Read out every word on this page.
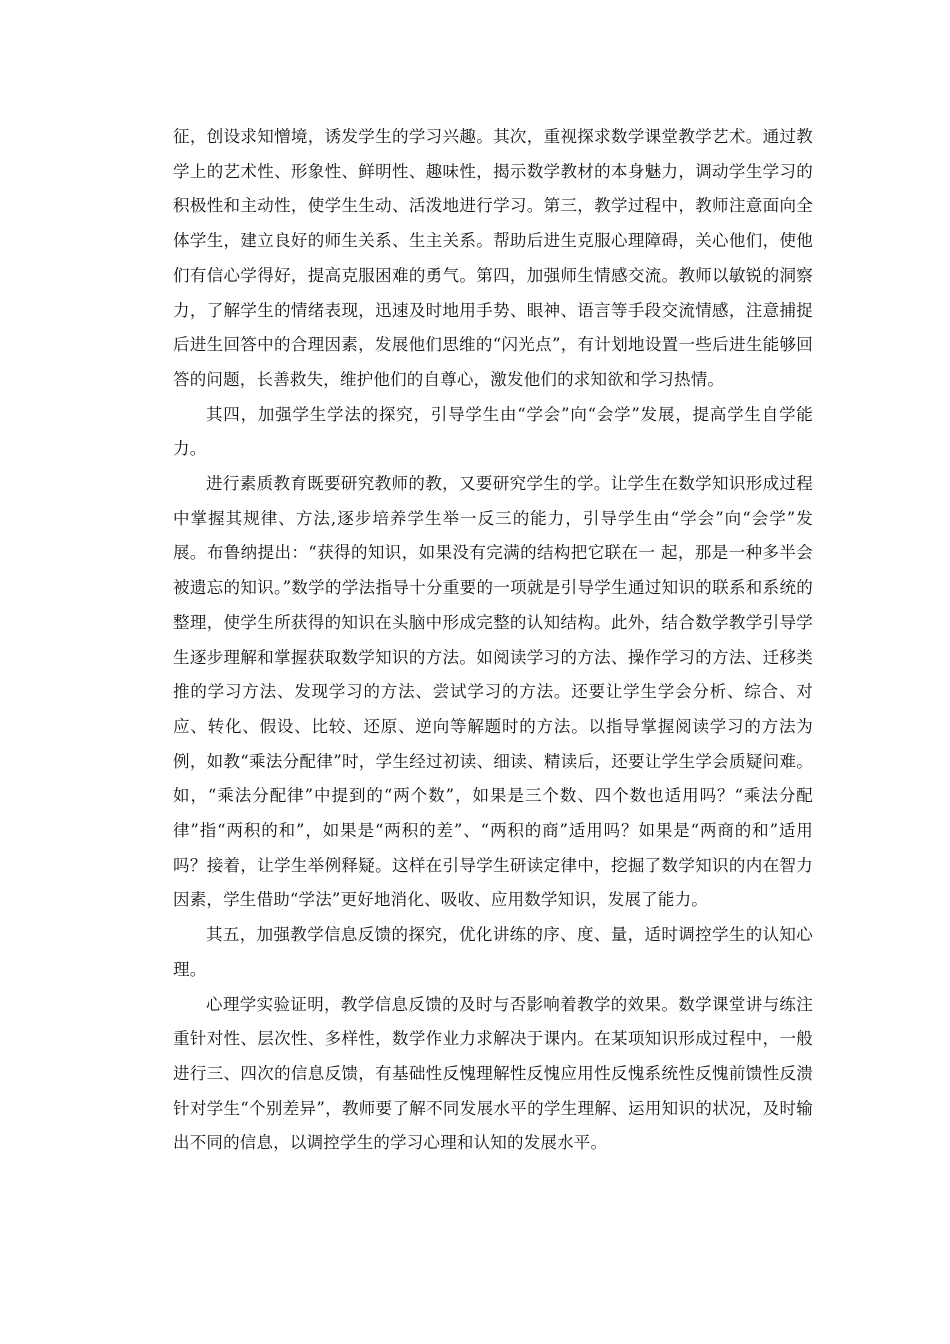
征，创设求知憎境，诱发学生的学习兴趣。其次，重视探求数学课堂教学艺术。通过教学上的艺术性、形象性、鲜明性、趣味性，揭示数学教材的本身魅力，调动学生学习的积极性和主动性，使学生生动、活泼地进行学习。第三，教学过程中，教师注意面向全体学生，建立良好的师生关系、生主关系。帮助后进生克服心理障碍，关心他们，使他们有信心学得好，提高克服困难的勇气。第四，加强师生情感交流。教师以敏锐的洞察力，了解学生的情绪表现，迅速及时地用手势、眼神、语言等手段交流情感，注意捕捉后进生回答中的合理因素，发展他们思维的“闪光点”，有计划地设置一些后进生能够回答的问题，长善救失，维护他们的自尊心，激发他们的求知欲和学习热情。

其四，加强学生学法的探究，引导学生由“学会”向“会学”发展，提高学生自学能力。

进行素质教育既要研究教师的教，又要研究学生的学。让学生在数学知识形成过程中掌握其规律、方法,逐步培养学生举一反三的能力，引导学生由“学会”向“会学”发展。布鲁纳提出：“获得的知识，如果没有完满的结构把它联在一 起，那是一种多半会被遗忘的知识。”数学的学法指导十分重要的一项就是引导学生通过知识的联系和系统的整理，使学生所获得的知识在头脑中形成完整的认知结构。此外，结合数学教学引导学生逐步理解和掌握获取数学知识的方法。如阅读学习的方法、操作学习的方法、迁移类推的学习方法、发现学习的方法、尝试学习的方法。还要让学生学会分析、综合、对应、转化、假设、比较、还原、逆向等解题时的方法。以指导掌握阅读学习的方法为例，如教“乘法分配律”时，学生经过初读、细读、精读后，还要让学生学会质疑问难。如，“乘法分配律”中提到的“两个数”，如果是三个数、四个数也适用吗？“乘法分配律”指“两积的和”，如果是“两积的差”、“两积的商”适用吗？如果是“两商的和”适用吗？接着，让学生举例释疑。这样在引导学生研读定律中，挖掘了数学知识的内在智力因素，学生借助“学法”更好地消化、吸收、应用数学知识，发展了能力。

其五，加强教学信息反馈的探究，优化讲练的序、度、量，适时调控学生的认知心理。

心理学实验证明，教学信息反馈的及时与否影响着教学的效果。数学课堂讲与练注重针对性、层次性、多样性，数学作业力求解决于课内。在某项知识形成过程中，一般进行三、四次的信息反馈，有基础性反愧理解性反愧应用性反愧系统性反愧前馈性反溃针对学生“个别差异”，教师要了解不同发展水平的学生理解、运用知识的状况，及时输出不同的信息，以调控学生的学习心理和认知的发展水平。
